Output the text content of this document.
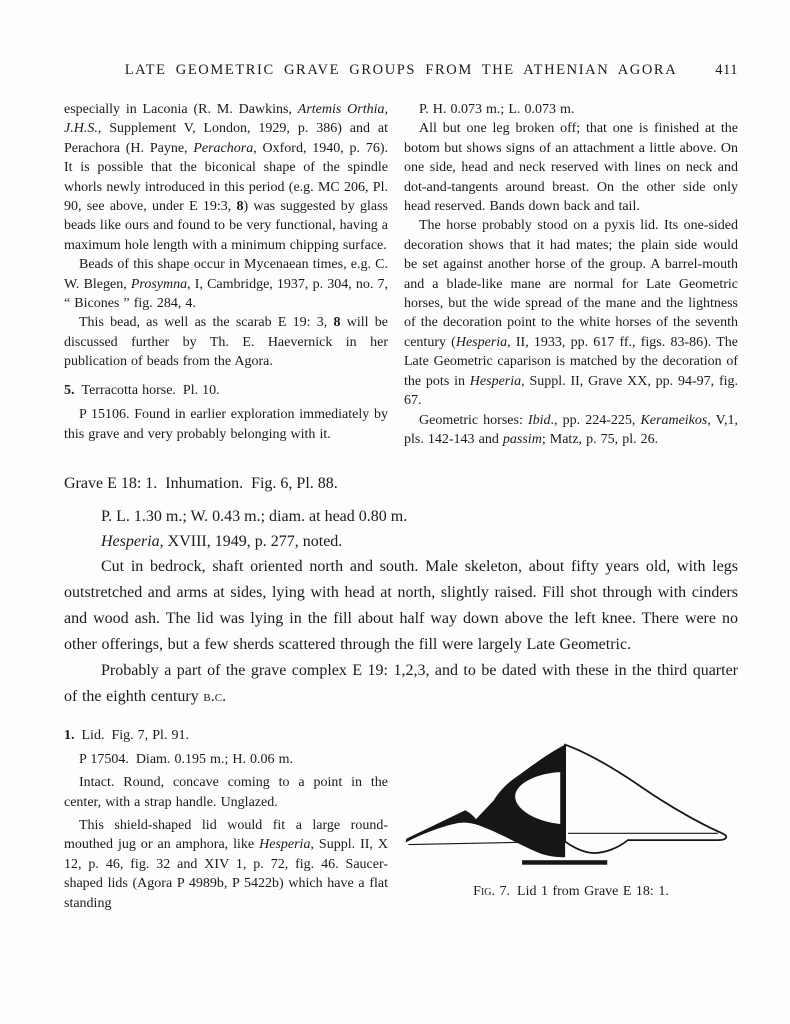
LATE GEOMETRIC GRAVE GROUPS FROM THE ATHENIAN AGORA	411

especially in Laconia (R. M. Dawkins, Artemis Orthia, J.H.S., Supplement V, London, 1929, p. 386) and at Perachora (H. Payne, Perachora, Oxford, 1940, p. 76). It is possible that the biconical shape of the spindle whorls newly introduced in this period (e.g. MC 206, Pl. 90, see above, under E 19:3, 8) was suggested by glass beads like ours and found to be very functional, having a maximum hole length with a minimum chipping surface.

Beads of this shape occur in Mycenaean times, e.g. C. W. Blegen, Prosymna, I, Cambridge, 1937, p. 304, no. 7, “ Bicones ” fig. 284, 4.

This bead, as well as the scarab E 19: 3, 8 will be discussed further by Th. E. Haevernick in her publication of beads from the Agora.

5. Terracotta horse. Pl. 10.

P 15106. Found in earlier exploration immediately by this grave and very probably belonging with it.

P. H. 0.073 m.; L. 0.073 m.

All but one leg broken off; that one is finished at the botom but shows signs of an attachment a little above. On one side, head and neck reserved with lines on neck and dot-and-tangents around breast. On the other side only head reserved. Bands down back and tail.

The horse probably stood on a pyxis lid. Its one-sided decoration shows that it had mates; the plain side would be set against another horse of the group. A barrel-mouth and a blade-like mane are normal for Late Geometric horses, but the wide spread of the mane and the lightness of the decoration point to the white horses of the seventh century (Hesperia, II, 1933, pp. 617 ff., figs. 83-86). The Late Geometric caparison is matched by the decoration of the pots in Hesperia, Suppl. II, Grave XX, pp. 94-97, fig. 67.

Geometric horses: Ibid., pp. 224-225, Kerameikos, V,1, pls. 142-143 and passim; Matz, p. 75, pl. 26.

Grave E 18: 1. Inhumation. Fig. 6, Pl. 88.

P. L. 1.30 m.; W. 0.43 m.; diam. at head 0.80 m.

Hesperia, XVIII, 1949, p. 277, noted.

Cut in bedrock, shaft oriented north and south. Male skeleton, about fifty years old, with legs outstretched and arms at sides, lying with head at north, slightly raised. Fill shot through with cinders and wood ash. The lid was lying in the fill about half way down above the left knee. There were no other offerings, but a few sherds scattered through the fill were largely Late Geometric.

Probably a part of the grave complex E 19: 1,2,3, and to be dated with these in the third quarter of the eighth century b.c.

1. Lid. Fig. 7, Pl. 91.

P 17504. Diam. 0.195 m.; H. 0.06 m.

Intact. Round, concave coming to a point in the center, with a strap handle. Unglazed.

This shield-shaped lid would fit a large round-mouthed jug or an amphora, like Hesperia, Suppl. II, X 12, p. 46, fig. 32 and XIV 1, p. 72, fig. 46. Saucer-shaped lids (Agora P 4989b, P 5422b) which have a flat standing

Fig. 7. Lid 1 from Grave E 18: 1.
